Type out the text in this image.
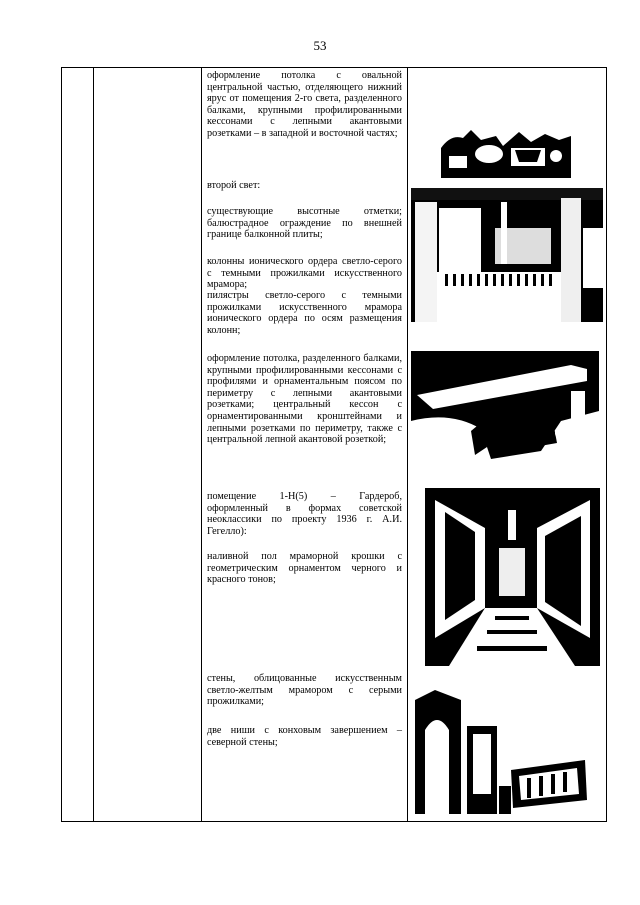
53
оформление потолка с овальной центральной частью, отделяющего нижний ярус от помещения 2-го света, разделенного балками, крупными профилированными кессонами с лепными акантовыми розетками – в западной и восточной частях;
второй свет:
существующие высотные отметки; балюстрадное ограждение по внешней границе балконной плиты;
колонны ионического ордера светло-серого с темными прожилками искусственного мрамора;
пилястры светло-серого с темными прожилками искусственного мрамора ионического ордера по осям размещения колонн;
оформление потолка, разделенного балками, крупными профилированными кессонами с профилями и орнаментальным поясом по периметру с лепными акантовыми розетками; центральный кессон с орнаментированными кронштейнами и лепными розетками по периметру, также с центральной лепной акантовой розеткой;
помещение 1-Н(5) – Гардероб, оформленный в формах советской неоклассики по проекту 1936 г. А.И. Гегелло):
наливной пол мраморной крошки с геометрическим орнаментом черного и красного тонов;
стены, облицованные искусственным светло-желтым мрамором с серыми прожилками;
две ниши с конховым завершением – северной стены;
